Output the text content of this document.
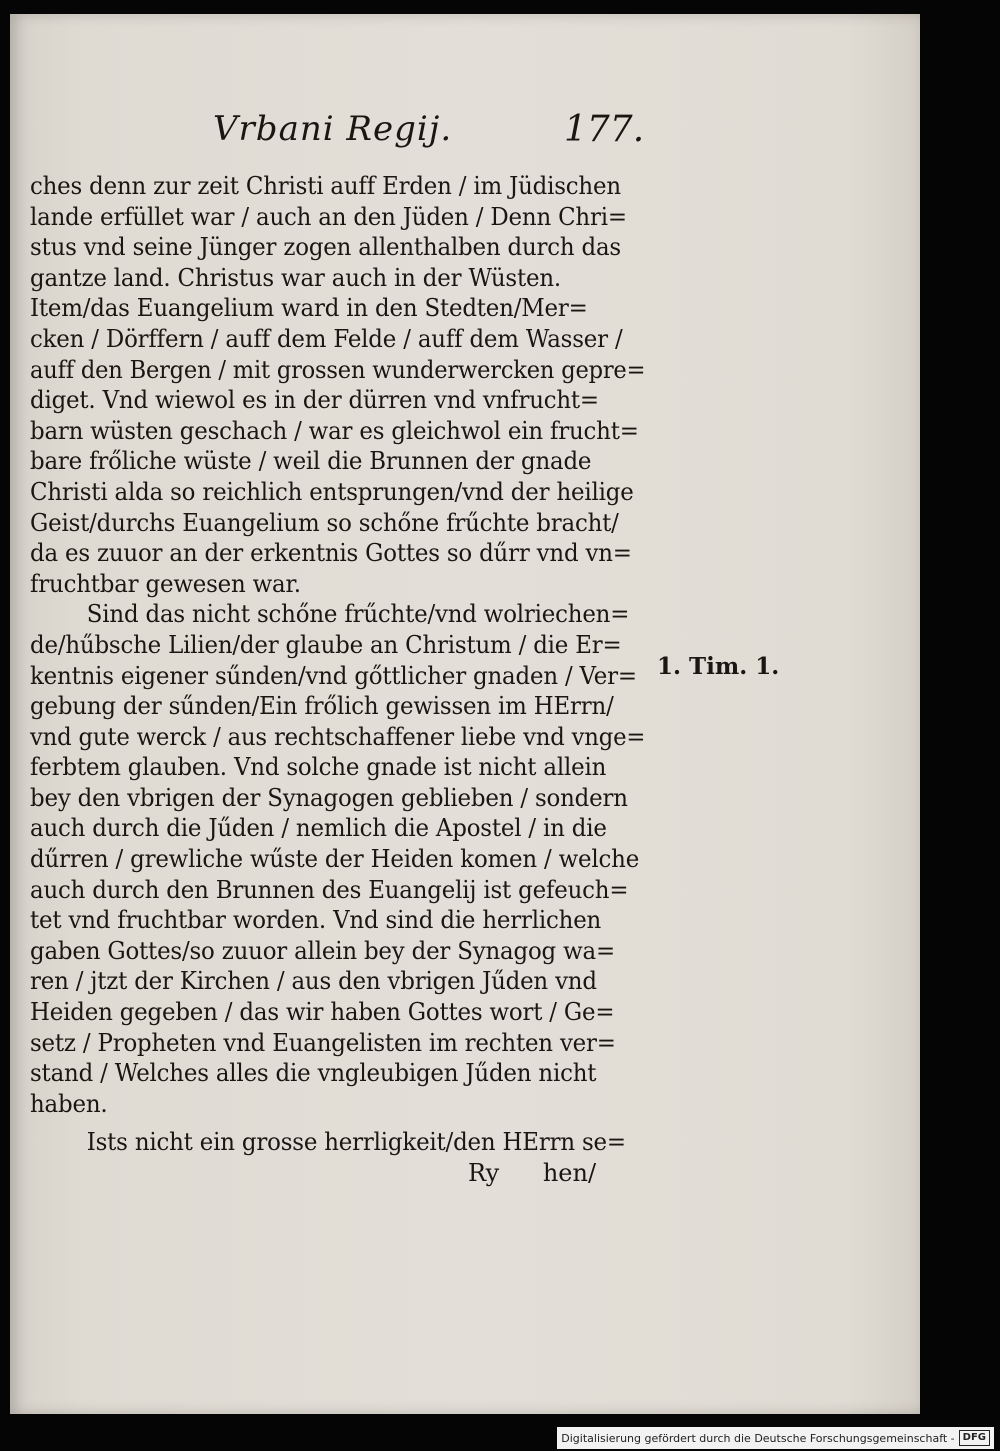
Vrbani Regij.	177.
ches denn zur zeit Christi auff Erden / im Jüdischen
lande erfüllet war / auch an den Jüden / Denn Chri=
stus vnd seine Jünger zogen allenthalben durch das
gantze land. Christus war auch in der Wüsten.
Item/das Euangelium ward in den Stedten/Mer=
cken / Dörffern / auff dem Felde / auff dem Wasser /
auff den Bergen / mit grossen wunderwercken gepre=
diget. Vnd wiewol es in der dürren vnd vnfrucht=
barn wüsten geschach / war es gleichwol ein frucht=
bare frőliche wüste / weil die Brunnen der gnade
Christi alda so reichlich entsprungen/vnd der heilige
Geist/durchs Euangelium so schőne frűchte bracht/
da es zuuor an der erkentnis Gottes so dűrr vnd vn=
fruchtbar gewesen war.
Sind das nicht schőne frűchte/vnd wolriechen=
de/hűbsche Lilien/der glaube an Christum / die Er=
kentnis eigener sűnden/vnd gőttlicher gnaden / Ver=
gebung der sűnden/Ein frőlich gewissen im HErrn/
vnd gute werck / aus rechtschaffener liebe vnd vnge=
ferbtem glauben. Vnd solche gnade ist nicht allein
bey den vbrigen der Synagogen geblieben / sondern
auch durch die Jűden / nemlich die Apostel / in die
dűrren / grewliche wűste der Heiden komen / welche
auch durch den Brunnen des Euangelij ist gefeuch=
tet vnd fruchtbar worden. Vnd sind die herrlichen
gaben Gottes/so zuuor allein bey der Synagog wa=
ren / jtzt der Kirchen / aus den vbrigen Jűden vnd
Heiden gegeben / das wir haben Gottes wort / Ge=
setz / Propheten vnd Euangelisten im rechten ver=
stand / Welches alles die vngleubigen Jűden nicht
haben.
Ists nicht ein grosse herrligkeit/den HErrn se=
1. Tim. 1.
Ry hen/
Digitalisierung gefördert durch die Deutsche Forschungsgemeinschaft - DFG
